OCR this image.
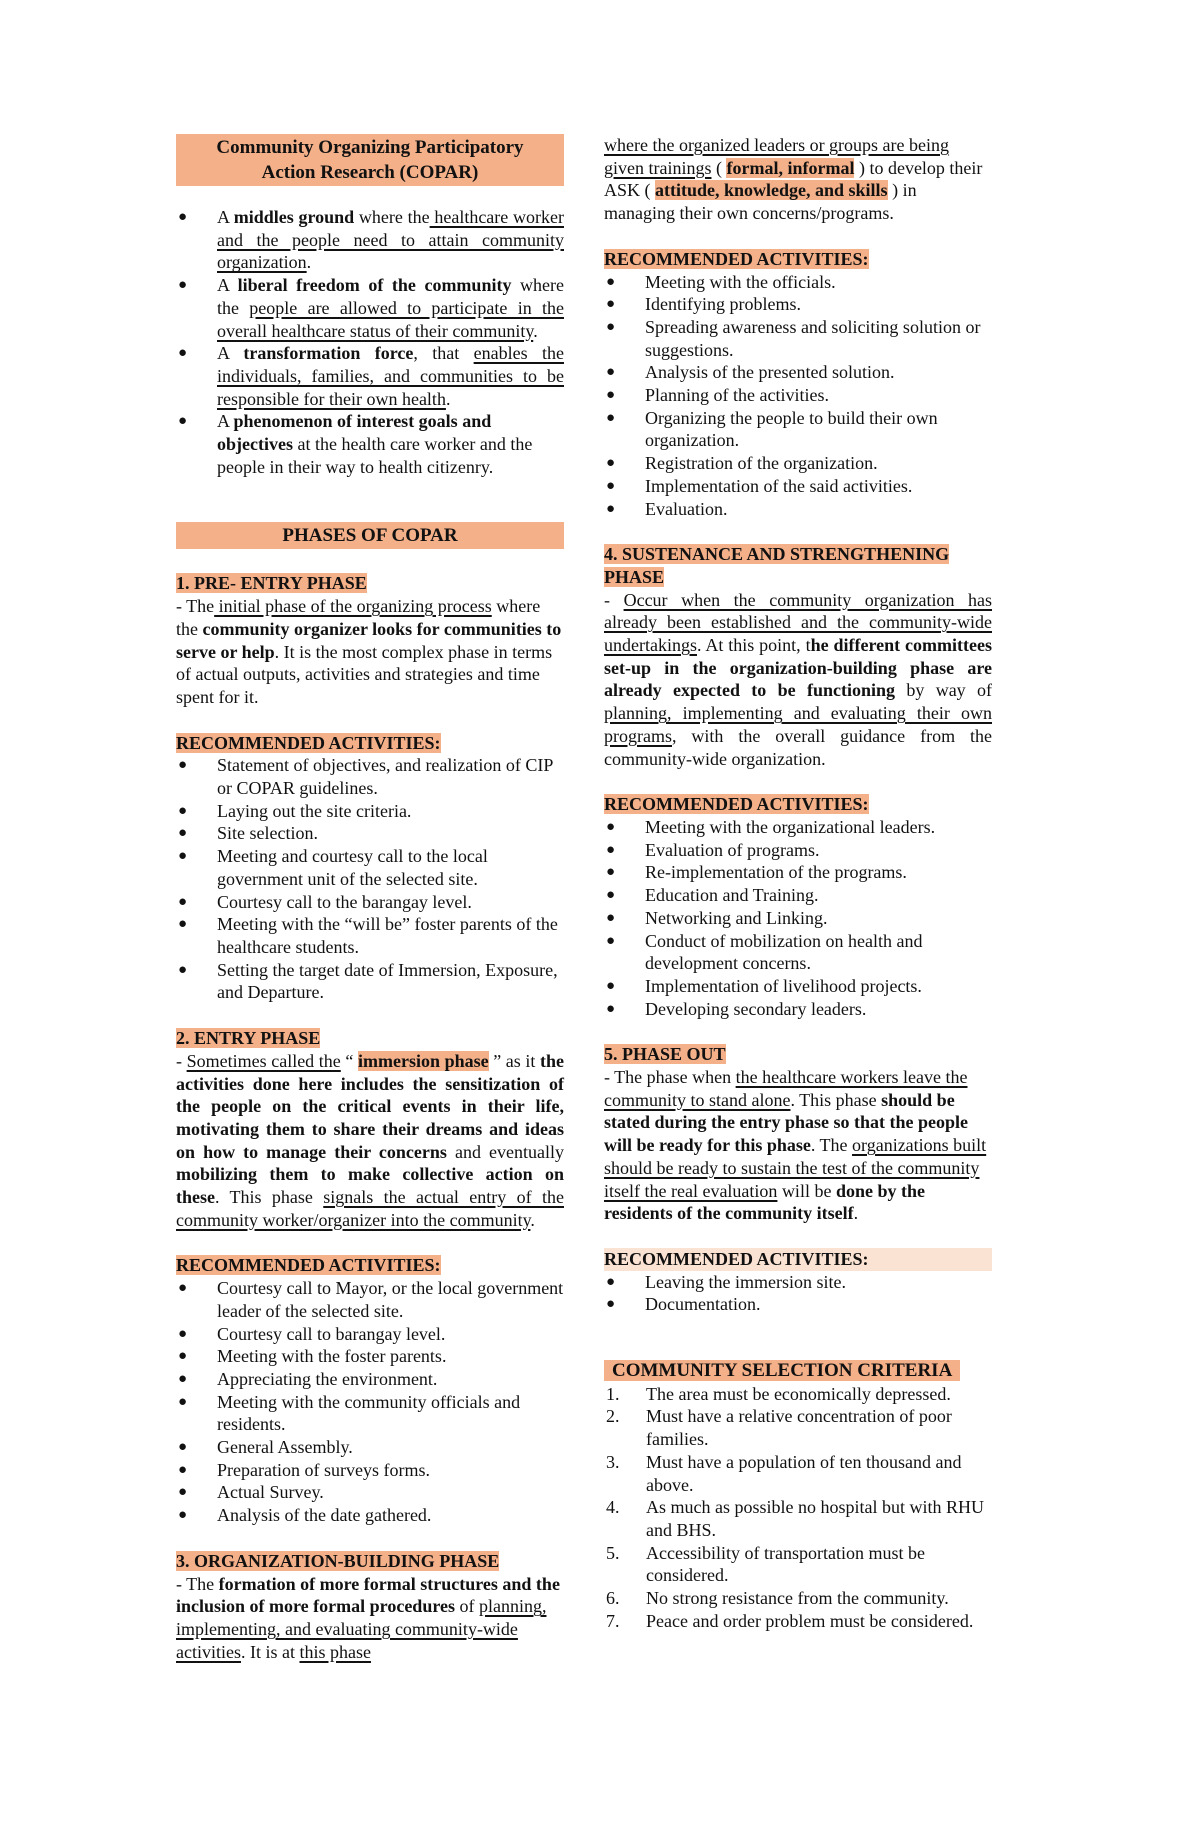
Community Organizing Participatory
Action Research (COPAR)
● A middles ground where the healthcare worker and the people need to attain community organization.
● A liberal freedom of the community where the people are allowed to participate in the overall healthcare status of their community.
● A transformation force, that enables the individuals, families, and communities to be responsible for their own health.
● A phenomenon of interest goals and objectives at the health care worker and the people in their way to health citizenry.
PHASES OF COPAR
1. PRE- ENTRY PHASE
- The initial phase of the organizing process where the community organizer looks for communities to serve or help. It is the most complex phase in terms of actual outputs, activities and strategies and time spent for it.
RECOMMENDED ACTIVITIES:
● Statement of objectives, and realization of CIP or COPAR guidelines.
● Laying out the site criteria.
● Site selection.
● Meeting and courtesy call to the local government unit of the selected site.
● Courtesy call to the barangay level.
● Meeting with the “will be” foster parents of the healthcare students.
● Setting the target date of Immersion, Exposure, and Departure.
2. ENTRY PHASE
- Sometimes called the “ immersion phase ” as it the activities done here includes the sensitization of the people on the critical events in their life, motivating them to share their dreams and ideas on how to manage their concerns and eventually mobilizing them to make collective action on these. This phase signals the actual entry of the community worker/organizer into the community.
RECOMMENDED ACTIVITIES:
● Courtesy call to Mayor, or the local government leader of the selected site.
● Courtesy call to barangay level.
● Meeting with the foster parents.
● Appreciating the environment.
● Meeting with the community officials and residents.
● General Assembly.
● Preparation of surveys forms.
● Actual Survey.
● Analysis of the date gathered.
3. ORGANIZATION-BUILDING PHASE
- The formation of more formal structures and the inclusion of more formal procedures of planning, implementing, and evaluating community-wide activities. It is at this phase
where the organized leaders or groups are being given trainings ( formal, informal ) to develop their ASK ( attitude, knowledge, and skills ) in managing their own concerns/programs.
RECOMMENDED ACTIVITIES:
● Meeting with the officials.
● Identifying problems.
● Spreading awareness and soliciting solution or suggestions.
● Analysis of the presented solution.
● Planning of the activities.
● Organizing the people to build their own organization.
● Registration of the organization.
● Implementation of the said activities.
● Evaluation.
4. SUSTENANCE AND STRENGTHENING PHASE
- Occur when the community organization has already been established and the community-wide undertakings. At this point, the different committees set-up in the organization-building phase are already expected to be functioning by way of planning, implementing and evaluating their own programs, with the overall guidance from the community-wide organization.
RECOMMENDED ACTIVITIES:
● Meeting with the organizational leaders.
● Evaluation of programs.
● Re-implementation of the programs.
● Education and Training.
● Networking and Linking.
● Conduct of mobilization on health and development concerns.
● Implementation of livelihood projects.
● Developing secondary leaders.
5. PHASE OUT
- The phase when the healthcare workers leave the community to stand alone. This phase should be stated during the entry phase so that the people will be ready for this phase. The organizations built should be ready to sustain the test of the community itself the real evaluation will be done by the residents of the community itself.
RECOMMENDED ACTIVITIES:
● Leaving the immersion site.
● Documentation.
COMMUNITY SELECTION CRITERIA
1. The area must be economically depressed.
2. Must have a relative concentration of poor families.
3. Must have a population of ten thousand and above.
4. As much as possible no hospital but with RHU and BHS.
5. Accessibility of transportation must be considered.
6. No strong resistance from the community.
7. Peace and order problem must be considered.
